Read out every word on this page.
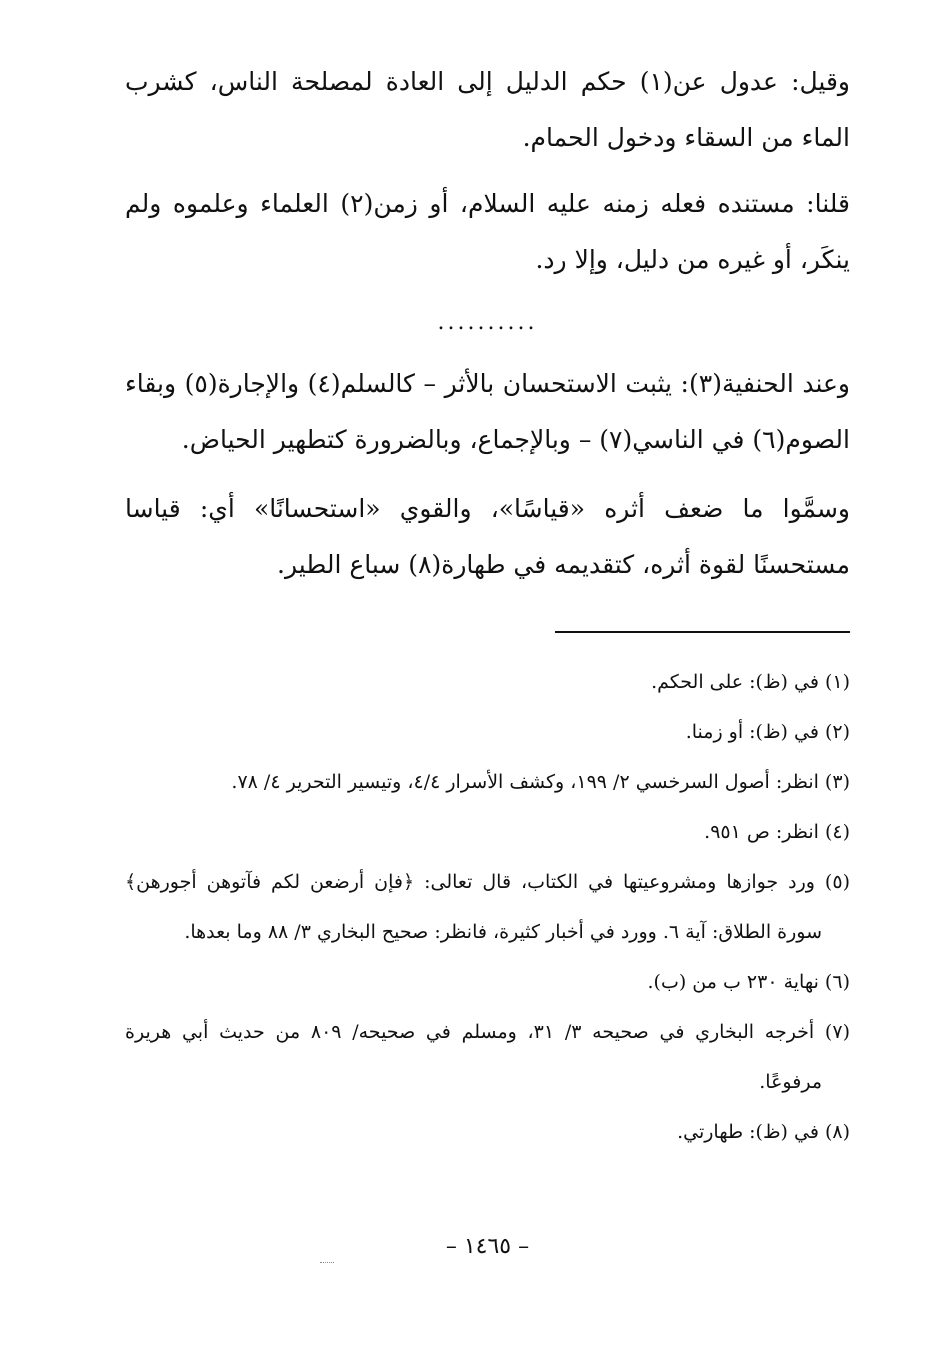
وقيل: عدول عن(١) حكم الدليل إلى العادة لمصلحة الناس، كشرب الماء من السقاء ودخول الحمام.

قلنا: مستنده فعله زمنه عليه السلام، أو زمن(٢) العلماء وعلموه ولم ينكَر، أو غيره من دليل، وإلا رد.

..........

وعند الحنفية(٣): يثبت الاستحسان بالأثر – كالسلم(٤) والإجارة(٥) وبقاء الصوم(٦) في الناسي(٧) – وبالإجماع، وبالضرورة كتطهير الحياض.

وسمَّوا ما ضعف أثره «قياسًا»، والقوي «استحسانًا» أي: قياسا مستحسنًا لقوة أثره، كتقديمه في طهارة(٨) سباع الطير.

(١) في (ظ): على الحكم.
(٢) في (ظ): أو زمنا.
(٣) انظر: أصول السرخسي ٢/ ١٩٩، وكشف الأسرار ٤/٤، وتيسير التحرير ٤/ ٧٨.
(٤) انظر: ص ٩٥١.
(٥) ورد جوازها ومشروعيتها في الكتاب، قال تعالى: ﴿فإن أرضعن لكم فآتوهن أجورهن﴾ سورة الطلاق: آية ٦. وورد في أخبار كثيرة، فانظر: صحيح البخاري ٣/ ٨٨ وما بعدها.
(٦) نهاية ٢٣٠ ب من (ب).
(٧) أخرجه البخاري في صحيحه ٣/ ٣١، ومسلم في صحيحه/ ٨٠٩ من حديث أبي هريرة مرفوعًا.
(٨) في (ظ): طهارتي.
– ١٤٦٥ –
